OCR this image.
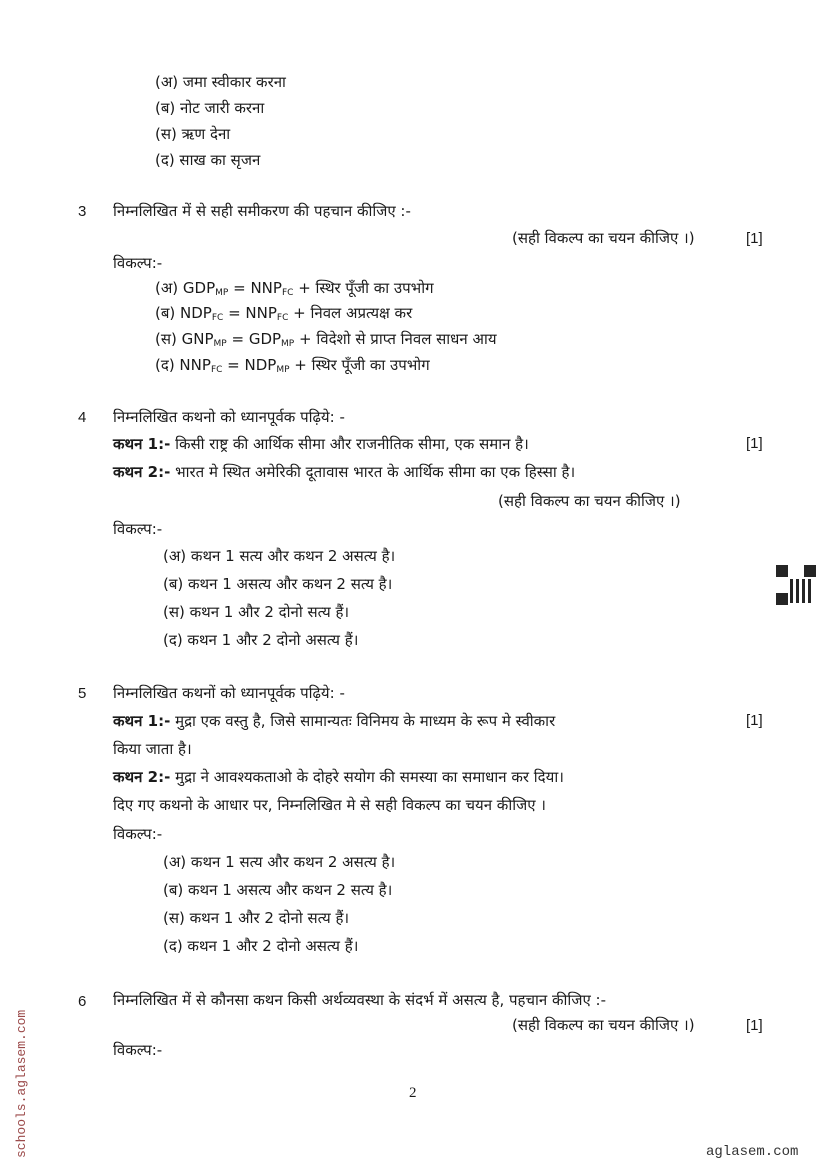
(अ) जमा स्वीकार करना
(ब) नोट जारी करना
(स) ऋण देना
(द) साख का सृजन
3 निम्नलिखित में से सही समीकरण की पहचान कीजिए :-
(सही विकल्प का चयन कीजिए ।)	[1]
विकल्प:-
(अ) $GDP_{MP} = NNP_{FC}$ + स्थिर पूँजी का उपभोग
(ब) $NDP_{FC} = NNP_{FC}$ + निवल अप्रत्यक्ष कर
(स) $GNP_{MP} = GDP_{MP}$ + विदेशो से प्राप्त निवल साधन आय
(द) $NNP_{FC} = NDP_{MP}$ + स्थिर पूँजी का उपभोग
4 निम्नलिखित कथनो को ध्यानपूर्वक पढ़िये: -
कथन 1:- किसी राष्ट्र की आर्थिक सीमा और राजनीतिक सीमा, एक समान है।	[1]
कथन 2:- भारत मे स्थित अमेरिकी दूतावास भारत के आर्थिक सीमा का एक हिस्सा है।
(सही विकल्प का चयन कीजिए ।)
विकल्प:-
(अ) कथन 1 सत्य और कथन 2 असत्य है।
(ब) कथन 1 असत्य और कथन 2 सत्य है।
(स) कथन 1 और 2 दोनो सत्य हैं।
(द) कथन 1 और 2 दोनो असत्य हैं।
5 निम्नलिखित कथनों को ध्यानपूर्वक पढ़िये: -
कथन 1:- मुद्रा एक वस्तु है, जिसे सामान्यतः विनिमय के माध्यम के रूप मे स्वीकार	[1]
किया जाता है।
कथन 2:- मुद्रा ने आवश्यकताओ के दोहरे सयोग की समस्या का समाधान कर दिया।
दिए गए कथनो के आधार पर, निम्नलिखित मे से सही विकल्प का चयन कीजिए ।
विकल्प:-
(अ) कथन 1 सत्य और कथन 2 असत्य है।
(ब) कथन 1 असत्य और कथन 2 सत्य है।
(स) कथन 1 और 2 दोनो सत्य हैं।
(द) कथन 1 और 2 दोनो असत्य हैं।
6 निम्नलिखित में से कौनसा कथन किसी अर्थव्यवस्था के संदर्भ में असत्य है, पहचान कीजिए :-
(सही विकल्प का चयन कीजिए ।)	[1]
विकल्प:-
2
aglasem.com
schools.aglasem.com
